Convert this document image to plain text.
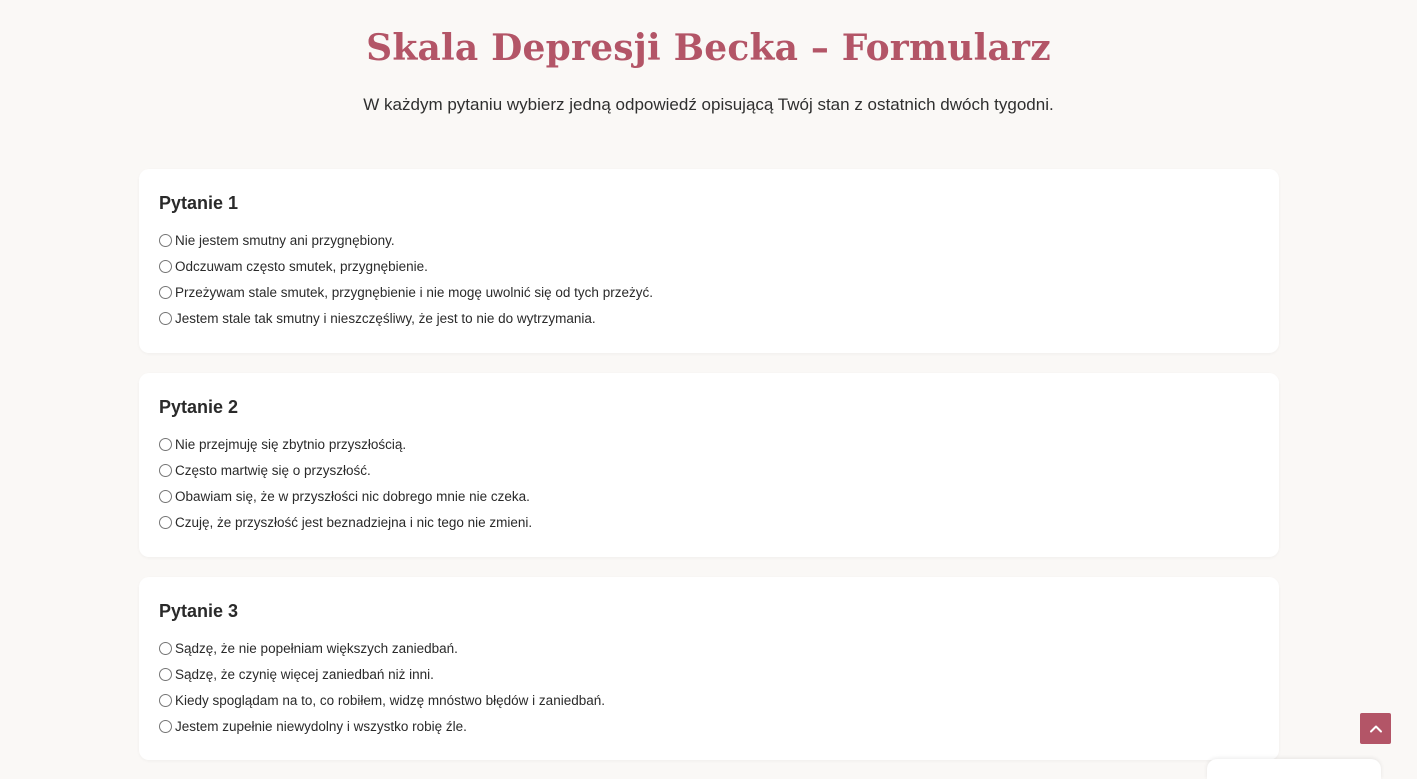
Skala Depresji Becka – Formularz

W każdym pytaniu wybierz jedną odpowiedź opisującą Twój stan z ostatnich dwóch tygodni.

Pytanie 1
Nie jestem smutny ani przygnębiony.
Odczuwam często smutek, przygnębienie.
Przeżywam stale smutek, przygnębienie i nie mogę uwolnić się od tych przeżyć.
Jestem stale tak smutny i nieszczęśliwy, że jest to nie do wytrzymania.
Pytanie 2
Nie przejmuję się zbytnio przyszłością.
Często martwię się o przyszłość.
Obawiam się, że w przyszłości nic dobrego mnie nie czeka.
Czuję, że przyszłość jest beznadziejna i nic tego nie zmieni.
Pytanie 3
Sądzę, że nie popełniam większych zaniedbań.
Sądzę, że czynię więcej zaniedbań niż inni.
Kiedy spoglądam na to, co robiłem, widzę mnóstwo błędów i zaniedbań.
Jestem zupełnie niewydolny i wszystko robię źle.
